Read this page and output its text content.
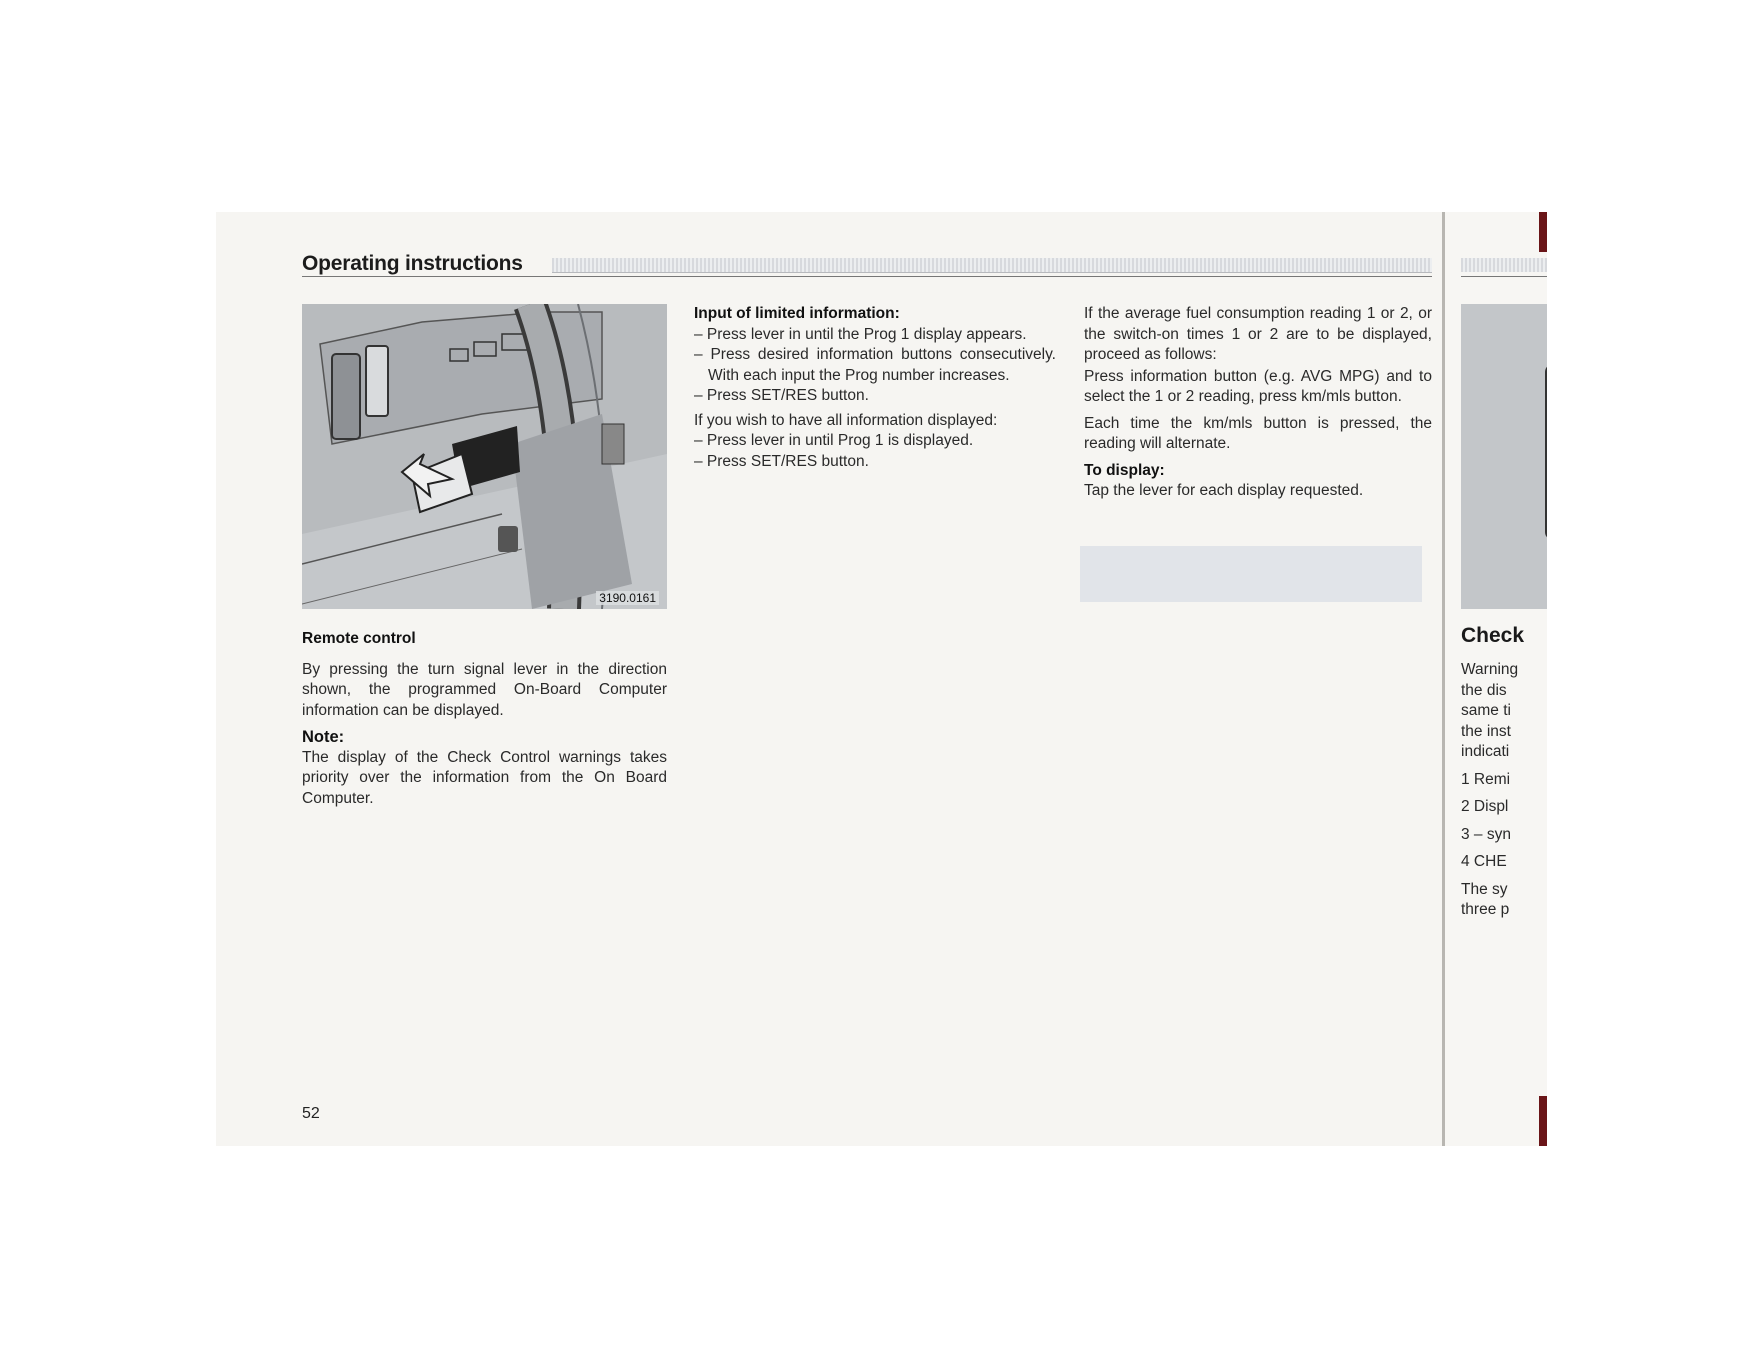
Operating instructions
3190.0161

Remote control

By pressing the turn signal lever in the direction shown, the programmed On-Board Computer information can be displayed.

Note:

The display of the Check Control warnings takes priority over the information from the On Board Computer.

Input of limited information:

– Press lever in until the Prog 1 display appears.

– Press desired information buttons consecutively. With each input the Prog number increases.

– Press SET/RES button.

If you wish to have all information displayed:

– Press lever in until Prog 1 is displayed.

– Press SET/RES button.

If the average fuel consumption reading 1 or 2, or the switch-on times 1 or 2 are to be displayed, proceed as follows:

Press information button (e.g. AVG MPG) and to select the 1 or 2 reading, press km/mls button.

Each time the km/mls button is pressed, the reading will alternate.

To display:

Tap the lever for each display requested.

52
Check
Warning
the dis
same ti
the inst
indicati
1 Remi
2 Displ
3 – syn
4 CHE
The sy
three p
